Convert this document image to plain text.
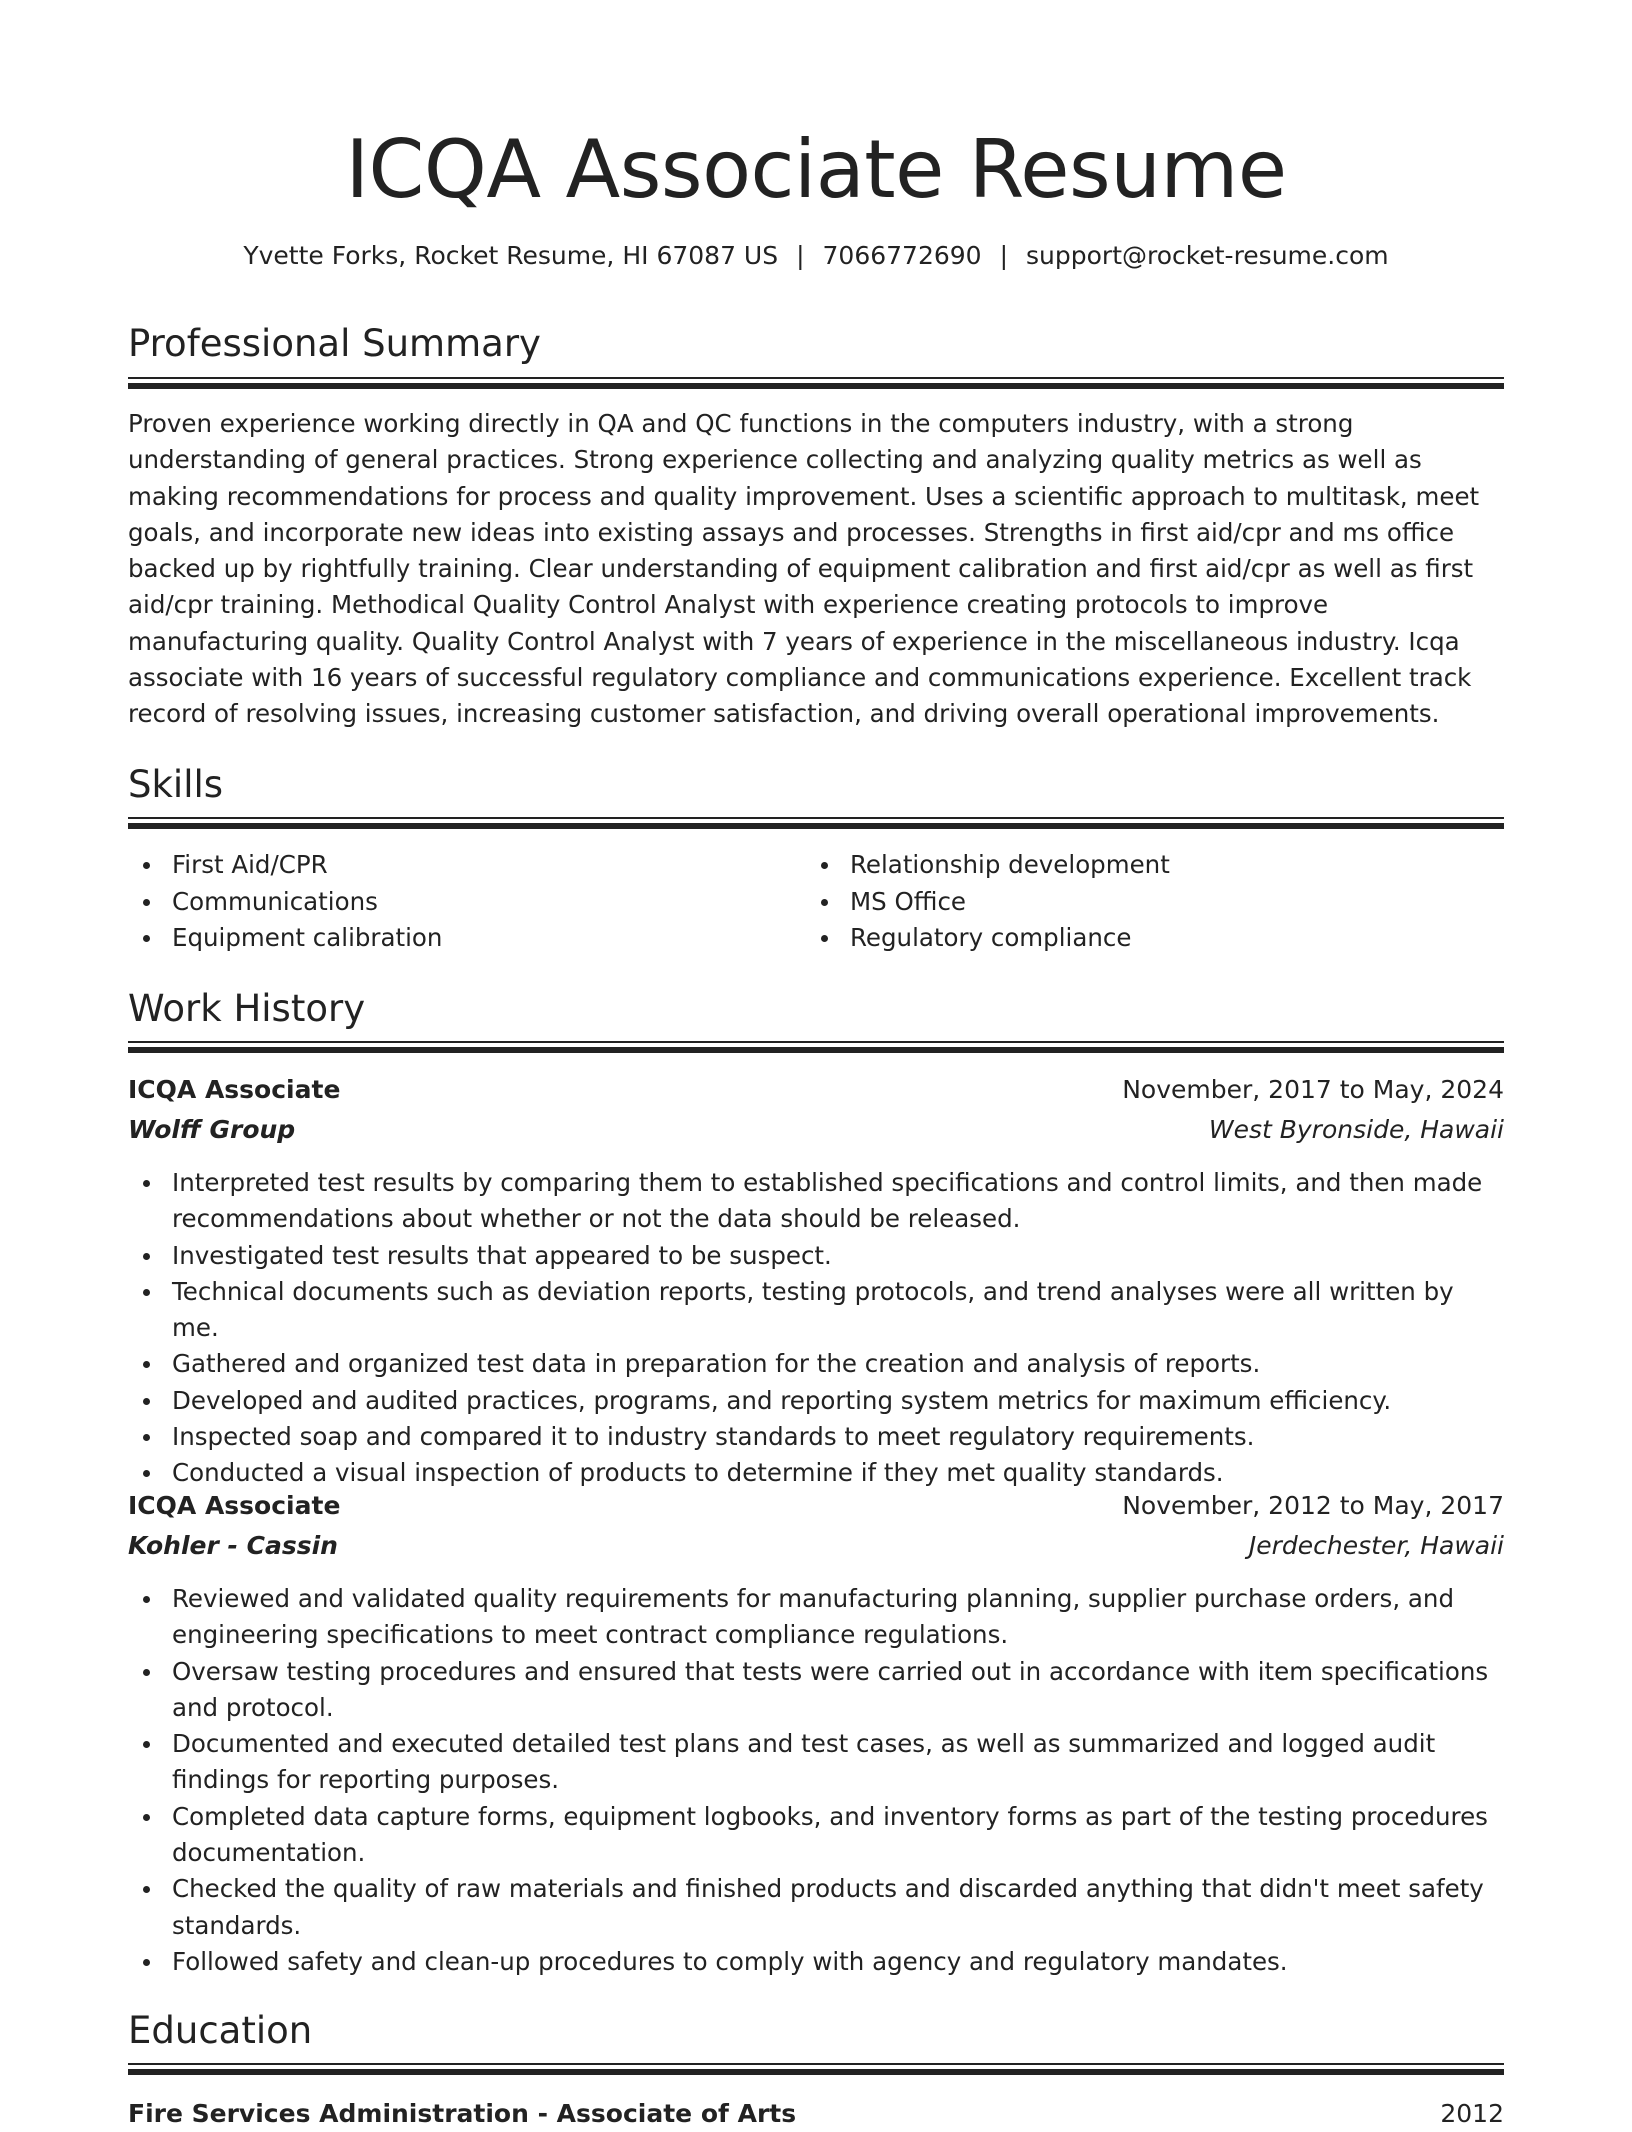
ICQA Associate Resume
Yvette Forks, Rocket Resume, HI 67087 US | 7066772690 | support@rocket-resume.com
Professional Summary

Proven experience working directly in QA and QC functions in the computers industry, with a strong understanding of general practices. Strong experience collecting and analyzing quality metrics as well as making recommendations for process and quality improvement. Uses a scientific approach to multitask, meet goals, and incorporate new ideas into existing assays and processes. Strengths in first aid/cpr and ms office backed up by rightfully training. Clear understanding of equipment calibration and first aid/cpr as well as first aid/cpr training. Methodical Quality Control Analyst with experience creating protocols to improve manufacturing quality. Quality Control Analyst with 7 years of experience in the miscellaneous industry. Icqa associate with 16 years of successful regulatory compliance and communications experience. Excellent track record of resolving issues, increasing customer satisfaction, and driving overall operational improvements.

Skills
First Aid/CPR
Communications
Equipment calibration
Relationship development
MS Office
Regulatory compliance
Work History
ICQA Associate	November, 2017 to May, 2024
Wolff Group	West Byronside, Hawaii
Interpreted test results by comparing them to established specifications and control limits, and then made recommendations about whether or not the data should be released.
Investigated test results that appeared to be suspect.
Technical documents such as deviation reports, testing protocols, and trend analyses were all written by me.
Gathered and organized test data in preparation for the creation and analysis of reports.
Developed and audited practices, programs, and reporting system metrics for maximum efficiency.
Inspected soap and compared it to industry standards to meet regulatory requirements.
Conducted a visual inspection of products to determine if they met quality standards.
ICQA Associate	November, 2012 to May, 2017
Kohler - Cassin	Jerdechester, Hawaii
Reviewed and validated quality requirements for manufacturing planning, supplier purchase orders, and engineering specifications to meet contract compliance regulations.
Oversaw testing procedures and ensured that tests were carried out in accordance with item specifications and protocol.
Documented and executed detailed test plans and test cases, as well as summarized and logged audit findings for reporting purposes.
Completed data capture forms, equipment logbooks, and inventory forms as part of the testing procedures documentation.
Checked the quality of raw materials and finished products and discarded anything that didn't meet safety standards.
Followed safety and clean-up procedures to comply with agency and regulatory mandates.
Education
Fire Services Administration - Associate of Arts	2012
